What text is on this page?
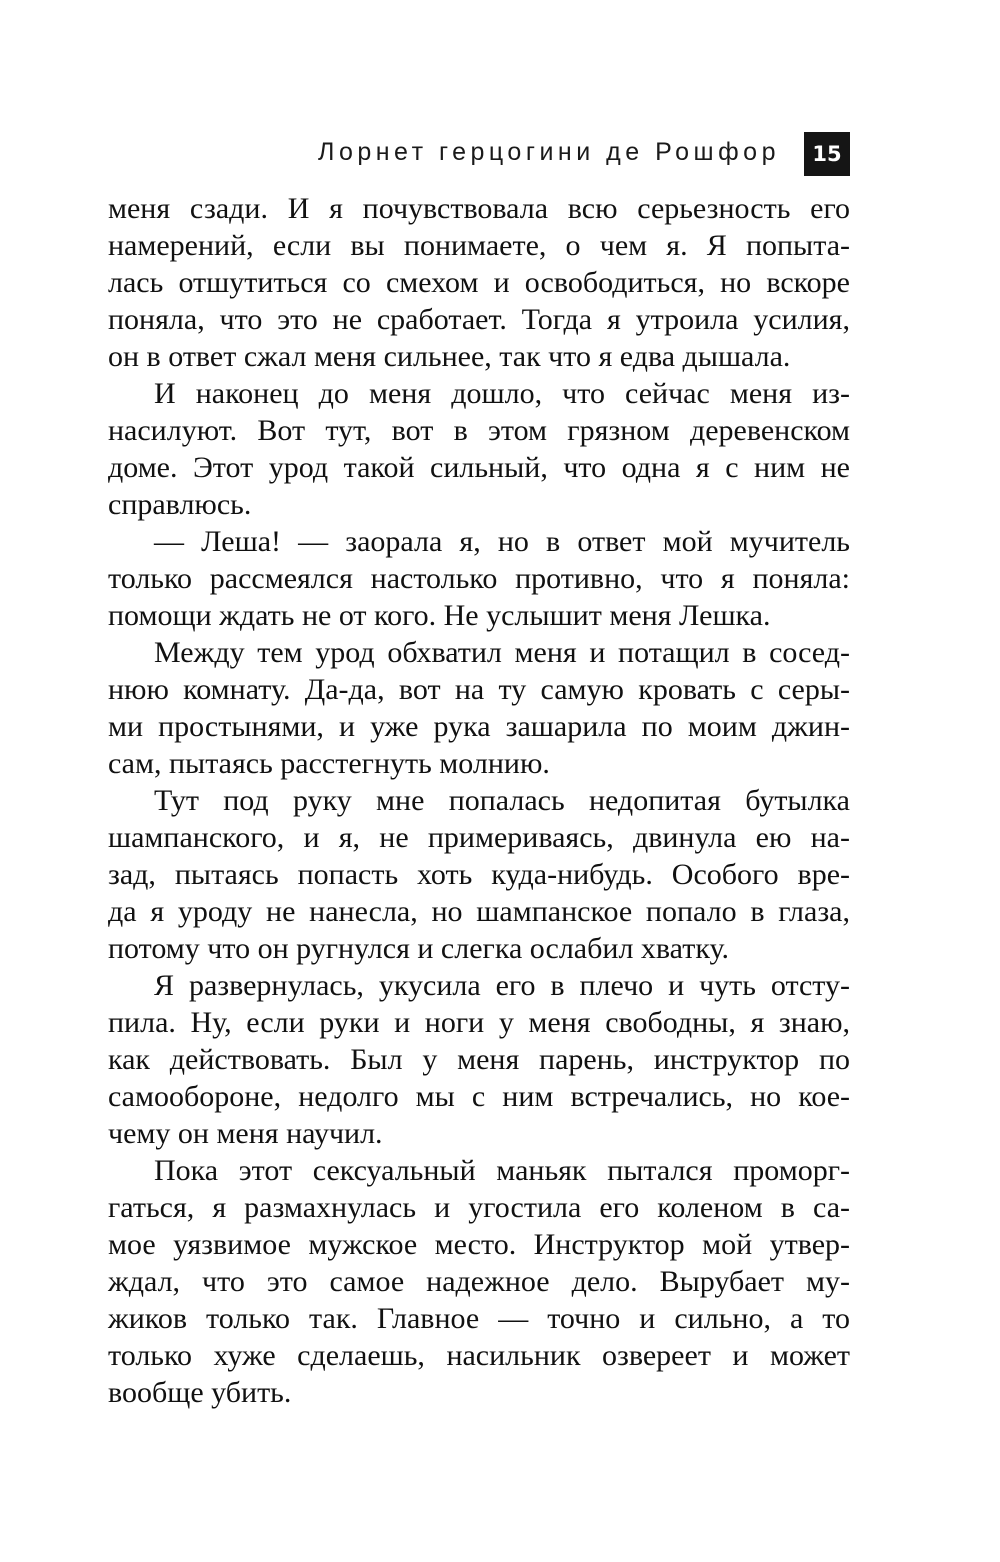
Лорнет герцогини де Рошфор	15
меня сзади. И я почувствовала всю серьезность его
намерений, если вы понимаете, о чем я. Я попыта-
лась отшутиться со смехом и освободиться, но вскоре
поняла, что это не сработает. Тогда я утроила усилия,
он в ответ сжал меня сильнее, так что я едва дышала.
И наконец до меня дошло, что сейчас меня из-
насилуют. Вот тут, вот в этом грязном деревенском
доме. Этот урод такой сильный, что одна я с ним не
справлюсь.
— Леша! — заорала я, но в ответ мой мучитель
только рассмеялся настолько противно, что я поняла:
помощи ждать не от кого. Не услышит меня Лешка.
Между тем урод обхватил меня и потащил в сосед-
нюю комнату. Да-да, вот на ту самую кровать с серы-
ми простынями, и уже рука зашарила по моим джин-
сам, пытаясь расстегнуть молнию.
Тут под руку мне попалась недопитая бутылка
шампанского, и я, не примериваясь, двинула ею на-
зад, пытаясь попасть хоть куда-нибудь. Особого вре-
да я уроду не нанесла, но шампанское попало в глаза,
потому что он ругнулся и слегка ослабил хватку.
Я развернулась, укусила его в плечо и чуть отсту-
пила. Ну, если руки и ноги у меня свободны, я знаю,
как действовать. Был у меня парень, инструктор по
самообороне, недолго мы с ним встречались, но кое-
чему он меня научил.
Пока этот сексуальный маньяк пытался проморг-
гаться, я размахнулась и угостила его коленом в са-
мое уязвимое мужское место. Инструктор мой утвер-
ждал, что это самое надежное дело. Вырубает му-
жиков только так. Главное — точно и сильно, а то
только хуже сделаешь, насильник озвереет и может
вообще убить.
